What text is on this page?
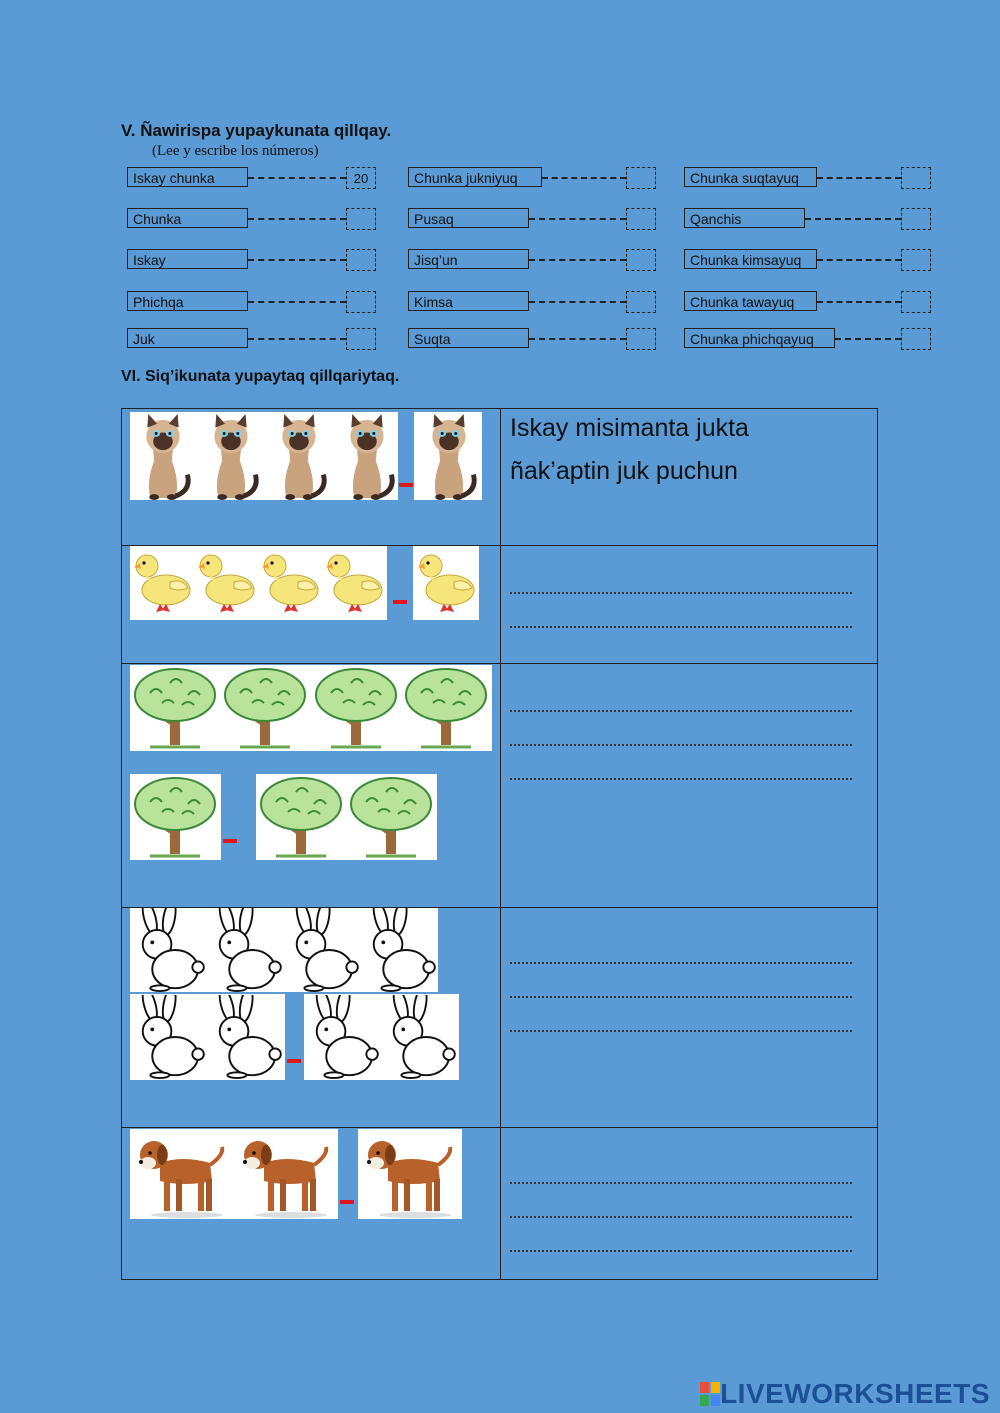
V. Ñawirispa yupaykunata qillqay.
(Lee y escribe los números)
Iskay chunka
20
Chunka
Iskay
Phichqa
Juk
Chunka jukniyuq
Pusaq
Jisq’un
Kimsa
Suqta
Chunka suqtayuq
Qanchis
Chunka kimsayuq
Chunka tawayuq
Chunka phichqayuq
VI. Siq’ikunata yupaytaq qillqariytaq.
Iskay misimanta jukta
ñak’aptin juk puchun
LIVEWORKSHEETS
